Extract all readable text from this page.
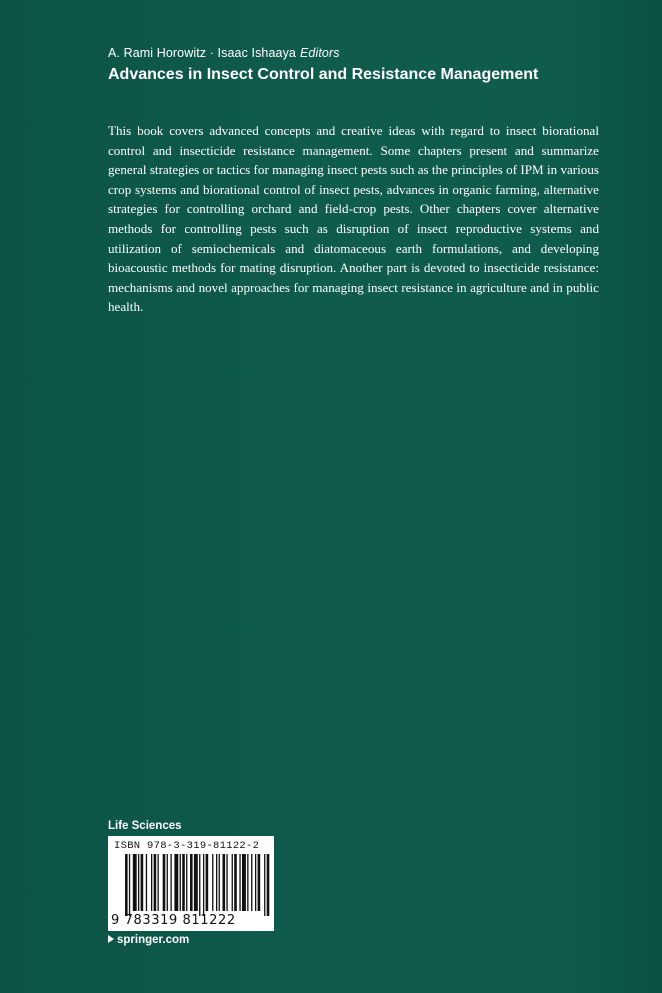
A. Rami Horowitz · Isaac Ishaaya Editors
Advances in Insect Control and Resistance Management

This book covers advanced concepts and creative ideas with regard to insect biorational control and insecticide resistance management. Some chapters present and summarize general strategies or tactics for managing insect pests such as the principles of IPM in various crop systems and biorational control of insect pests, advances in organic farming, alternative strategies for controlling orchard and field-crop pests. Other chapters cover alternative methods for controlling pests such as disruption of insect reproductive systems and utilization of semiochemicals and diatomaceous earth formulations, and developing bioacoustic methods for mating disruption. Another part is devoted to insecticide resistance: mechanisms and novel approaches for managing insect resistance in agriculture and in public health.

Life Sciences
ISBN 978-3-319-81122-2
9 783319 811222
springer.com
